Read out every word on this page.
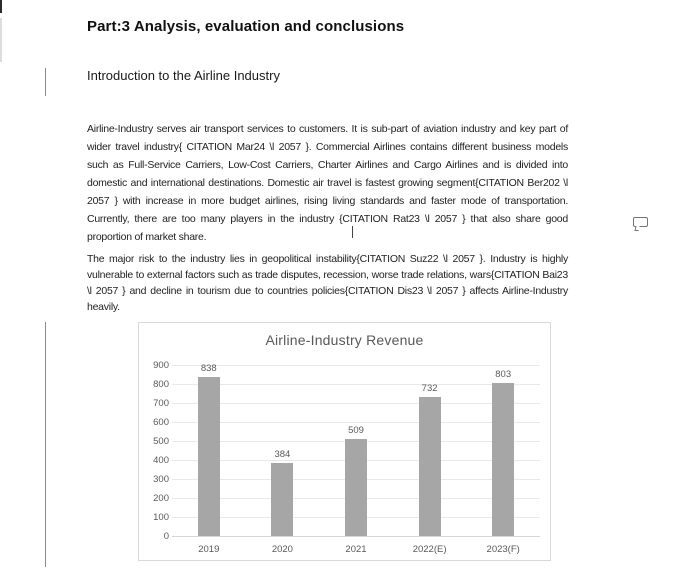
Part:3 Analysis, evaluation and conclusions
Introduction to the Airline Industry
Airline-Industry serves air transport services to customers. It is sub-part of aviation industry and key part of wider travel industry{ CITATION Mar24 \l 2057 }. Commercial Airlines contains different business models such as Full-Service Carriers, Low-Cost Carriers, Charter Airlines and Cargo Airlines and is divided into domestic and international destinations. Domestic air travel is fastest growing segment{CITATION Ber202 \l 2057 } with increase in more budget airlines, rising living standards and faster mode of transportation. Currently, there are too many players in the industry {CITATION Rat23 \l 2057 } that also share good proportion of market share.
The major risk to the industry lies in geopolitical instability{CITATION Suz22 \l 2057 }. Industry is highly vulnerable to external factors such as trade disputes, recession, worse trade relations, wars{CITATION Bai23 \l 2057 } and decline in tourism due to countries policies{CITATION Dis23 \l 2057 } affects Airline-Industry heavily.
Airline-Industry Revenue
0
100
200
300
400
500
600
700
800
900	838
2019
384
2020
509
2021
732
2022(E)
803
2023(F)
